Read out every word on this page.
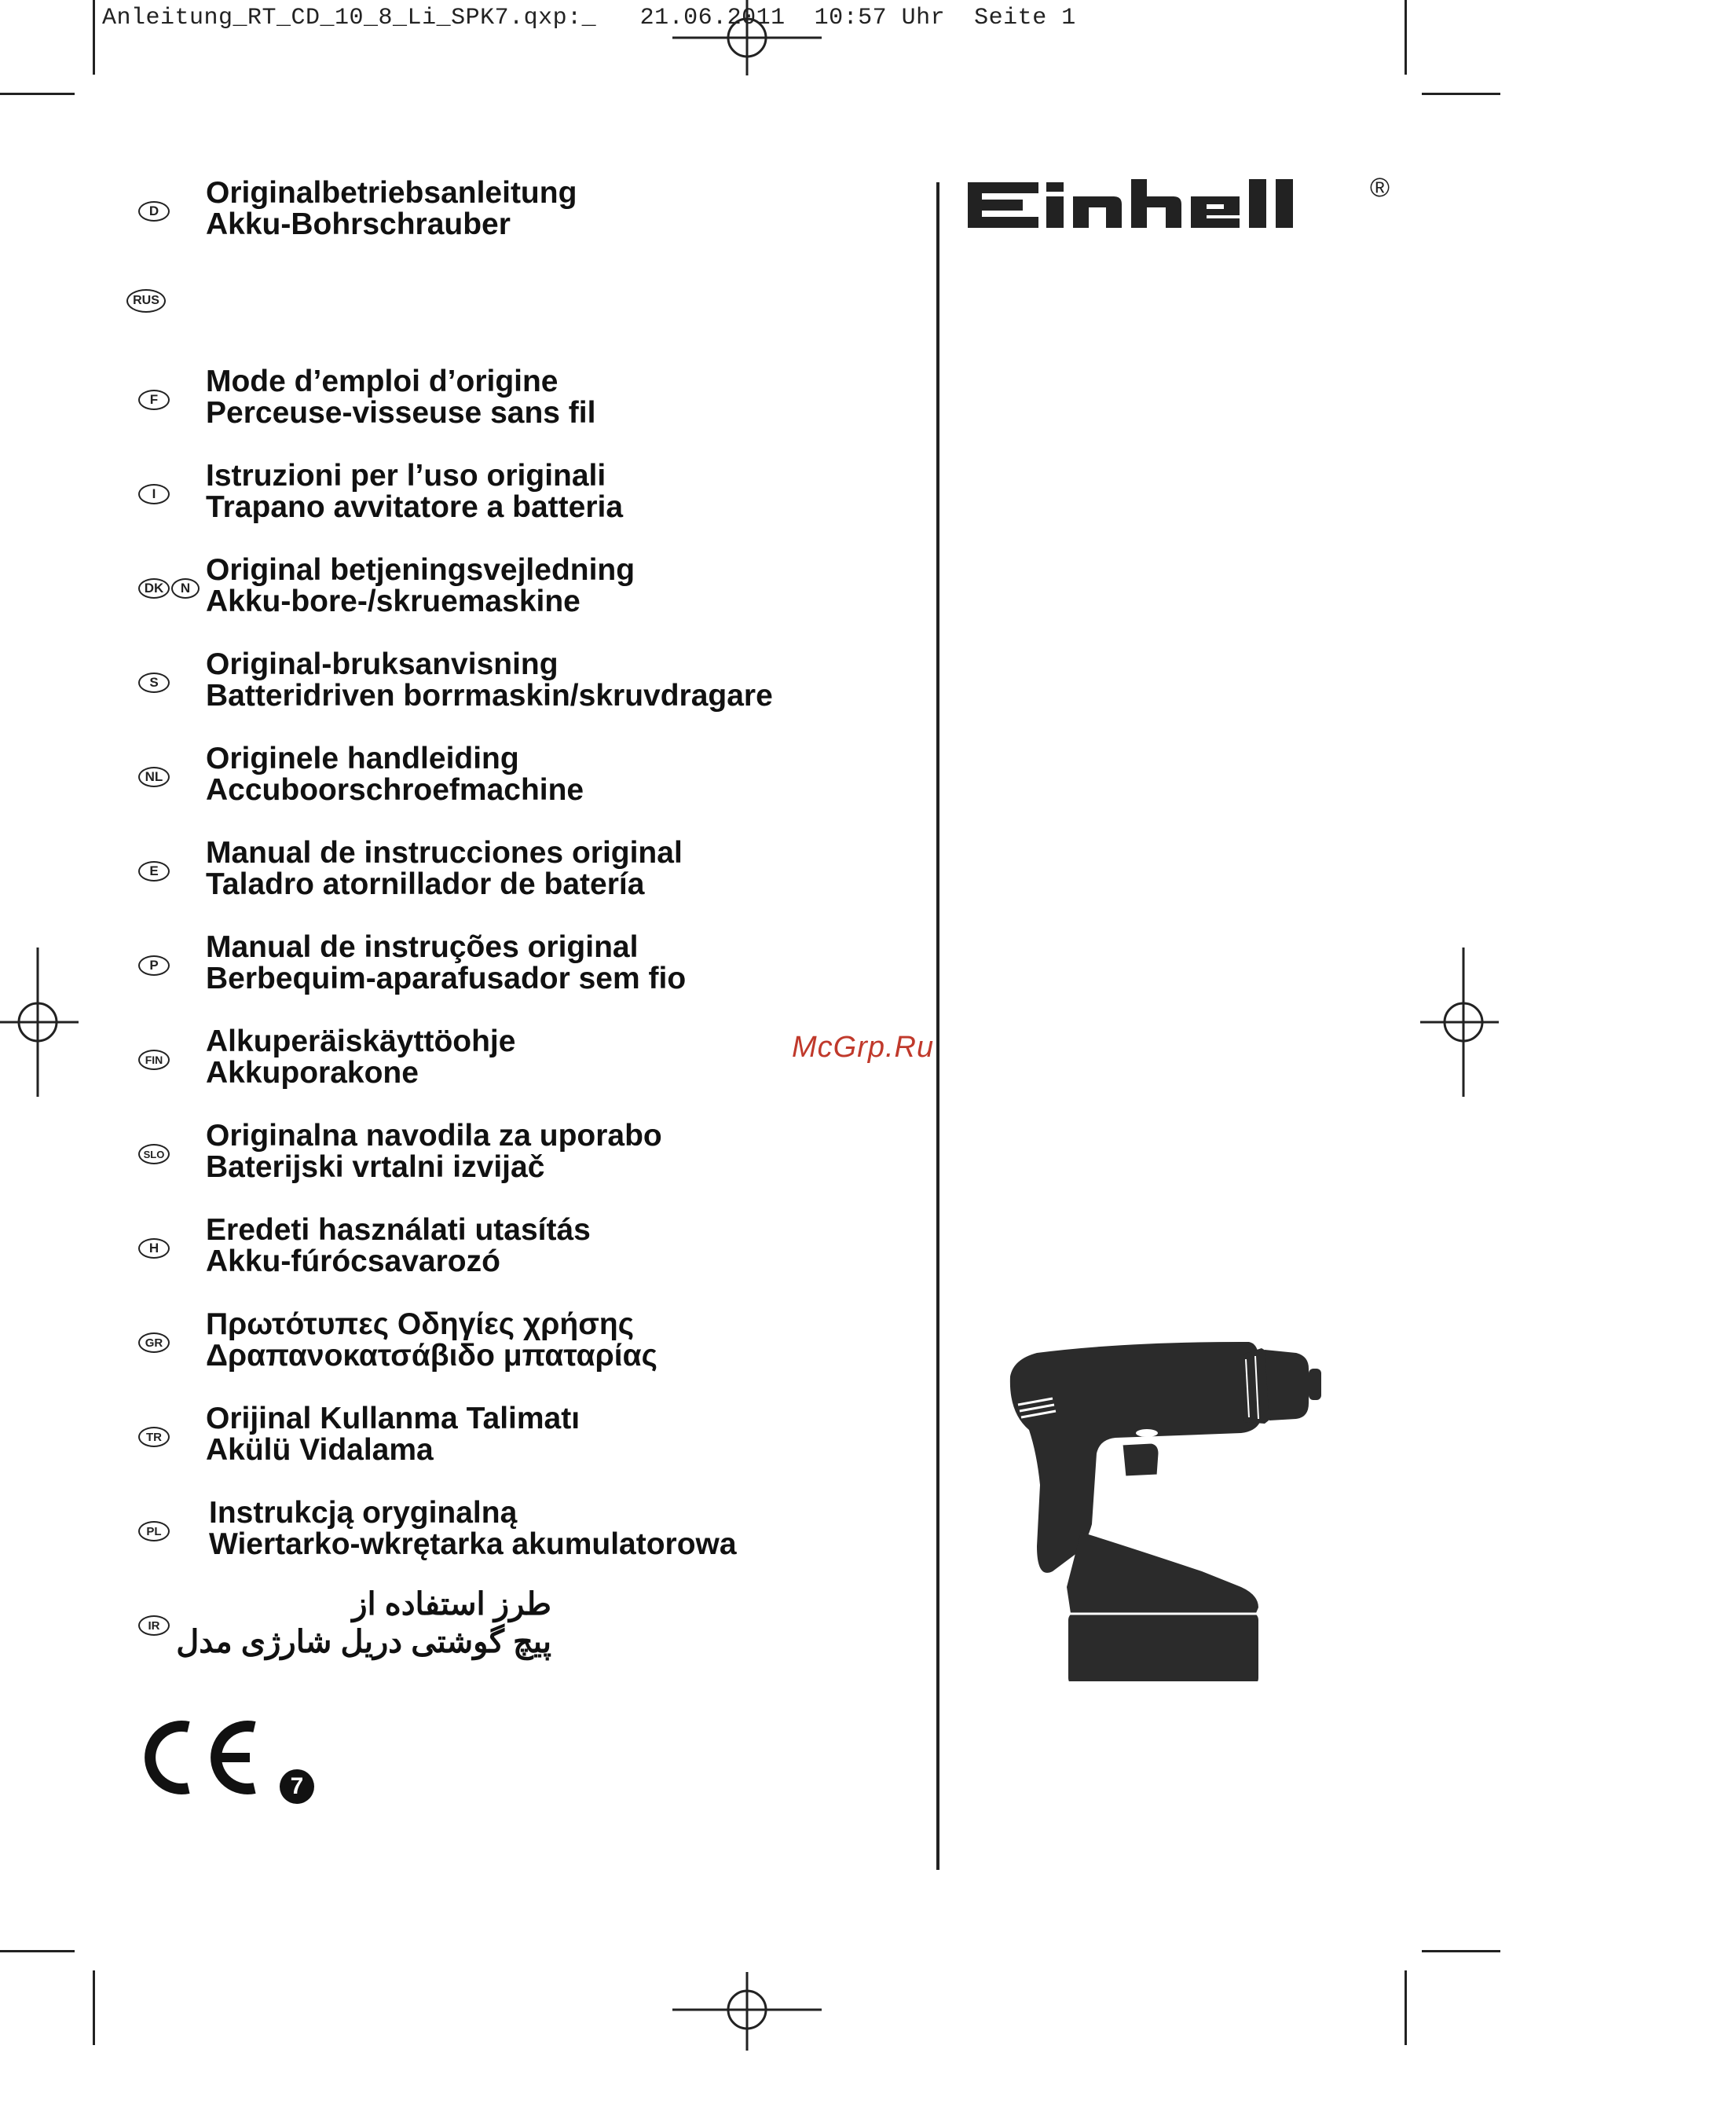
Anleitung_RT_CD_10_8_Li_SPK7.qxp:_   21.06.2011  10:57 Uhr  Seite 1
D
Originalbetriebsanleitung
Akku-Bohrschrauber
RUS
F
Mode d’emploi d’origine
Perceuse-visseuse sans fil
I
Istruzioni per l’uso originali
Trapano avvitatore a batteria
DK	N
Original betjeningsvejledning
Akku-bore-/skruemaskine
S
Original-bruksanvisning
Batteridriven borrmaskin/skruvdragare
NL
Originele handleiding
Accuboorschroefmachine
E
Manual de instrucciones original
Taladro atornillador de batería
P
Manual de instruções original
Berbequim-aparafusador sem fio
FIN
Alkuperäiskäyttöohje
Akkuporakone
SLO
Originalna navodila za uporabo
Baterijski vrtalni izvijač
H
Eredeti használati utasítás
Akku-fúrócsavarozó
GR
Πρωτότυπες Οδηγίες χρήσης
Δραπανοκατσάβιδο μπαταρίας
TR
Orijinal Kullanma Talimatı
Akülü Vidalama
PL
Instrukcją oryginalną
Wiertarko-wkrętarka akumulatorowa
IR
طرز استفاده از
پیچ گوشتی دریل شارژی مدل
7
®
McGrp.Ru
